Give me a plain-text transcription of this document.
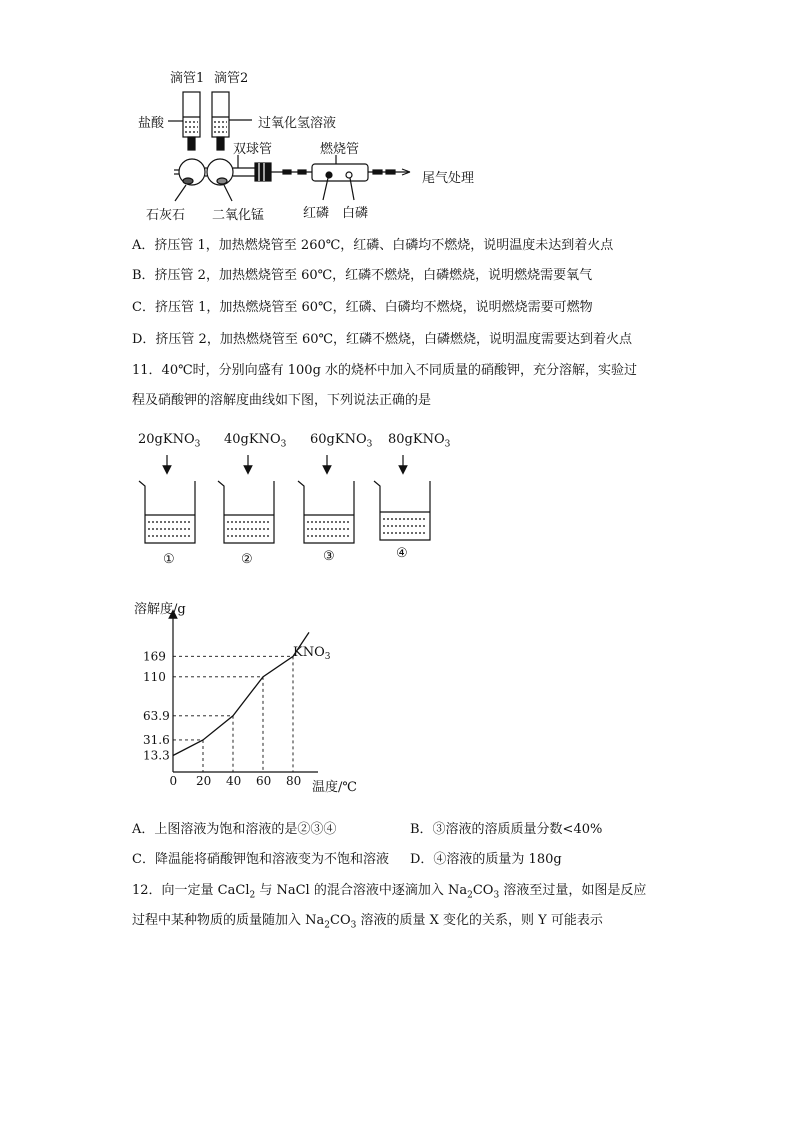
滴管1 滴管2
盐酸	过氧化氢溶液
双球管	燃烧管
尾气处理
石灰石 二氧化锰	红磷 白磷
A．挤压管 1，加热燃烧管至 260℃，红磷、白磷均不燃烧，说明温度未达到着火点
B．挤压管 2，加热燃烧管至 60℃，红磷不燃烧，白磷燃烧，说明燃烧需要氧气
C．挤压管 1，加热燃烧管至 60℃，红磷、白磷均不燃烧，说明燃烧需要可燃物
D．挤压管 2，加热燃烧管至 60℃，红磷不燃烧，白磷燃烧，说明温度需要达到着火点
11．40℃时，分别向盛有 100g 水的烧杯中加入不同质量的硝酸钾，充分溶解，实验过
程及硝酸钾的溶解度曲线如下图，下列说法正确的是
20gKNO$_3$ 40gKNO$_3$ 60gKNO$_3$ 80gKNO$_3$
①	②	③	④
溶解度/g
0 20 40 60 80
13.3
31.6
63.9
110
169	$KNO_3$
温度/℃
A．上图溶液为饱和溶液的是②③④	B．③溶液的溶质质量分数<40%
C．降温能将硝酸钾饱和溶液变为不饱和溶液 D．④溶液的质量为 180g
12．向一定量 CaCl$_2$ 与 NaCl 的混合溶液中逐滴加入 $Na_2CO_3$ 溶液至过量，如图是反应
过程中某种物质的质量随加入 $Na_2CO_3$ 溶液的质量 X 变化的关系，则 Y 可能表示
